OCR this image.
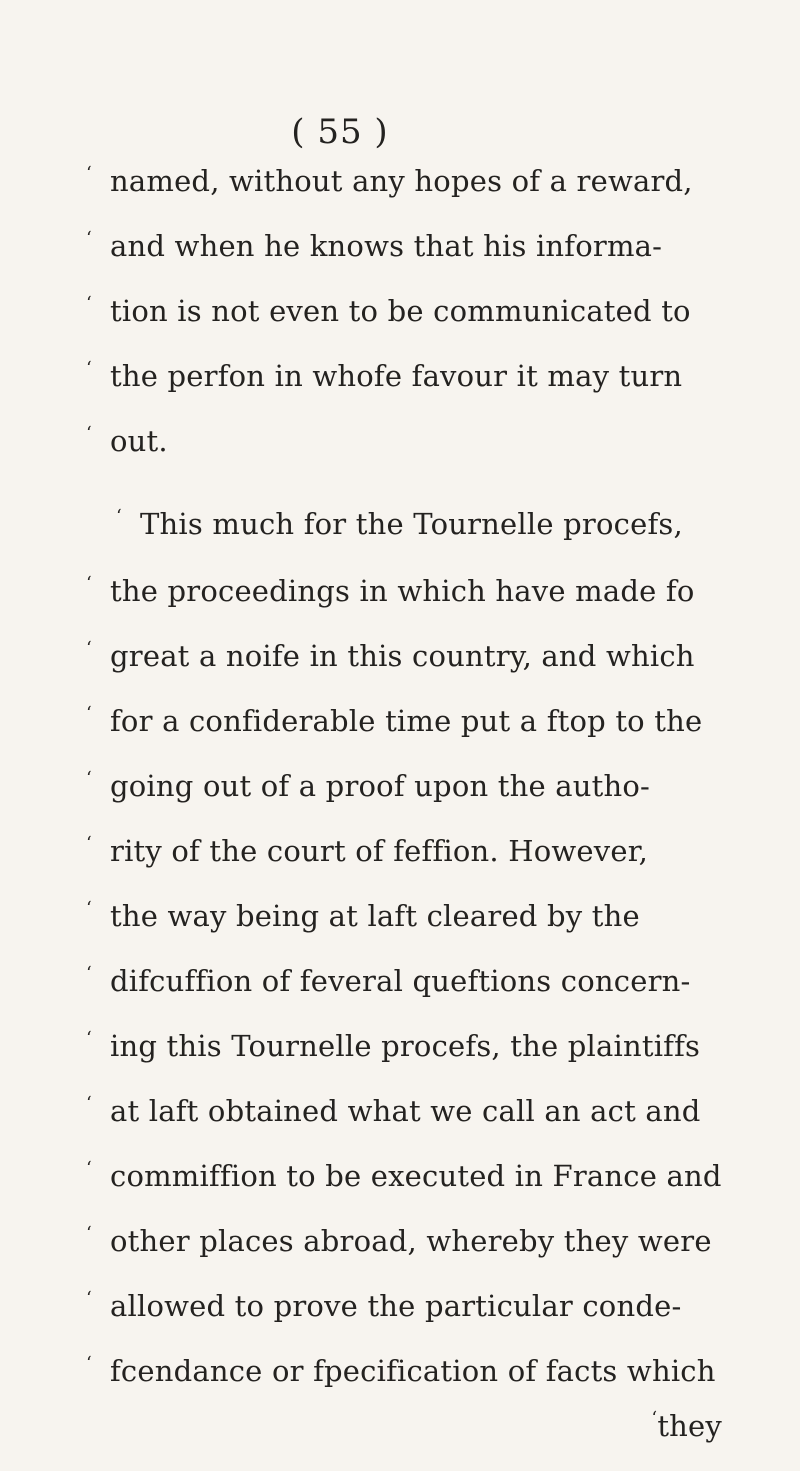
( 55 )
‘ named, without any hopes of a reward,
‘ and when he knows that his informa-
‘ tion is not even to be communicated to
‘ the perfon in whofe favour it may turn
‘ out.
‘ This much for the Tournelle procefs,
‘ the proceedings in which have made fo
‘ great a noife in this country, and which
‘ for a confiderable time put a ftop to the
‘ going out of a proof upon the autho-
‘ rity of the court of feffion. However,
‘ the way being at laft cleared by the
‘ difcuffion of feveral queftions concern-
‘ ing this Tournelle procefs, the plaintiffs
‘ at laft obtained what we call an act and
‘ commiffion to be executed in France and
‘ other places abroad, whereby they were
‘ allowed to prove the particular conde-
‘ fcendance or fpecification of facts which
‘they
